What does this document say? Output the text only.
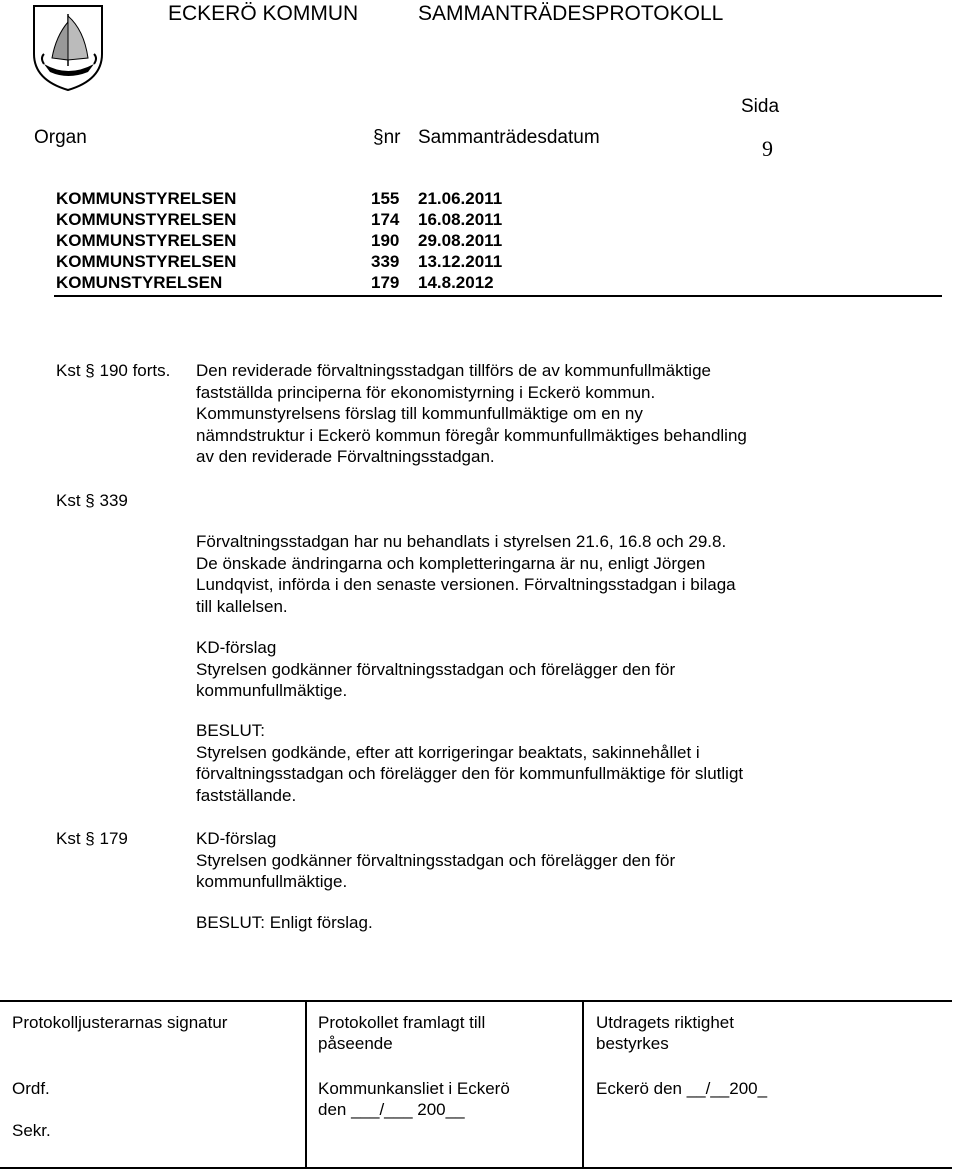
ECKERÖ KOMMUN	SAMMANTRÄDESPROTOKOLL
Sida
Organ	§nr Sammanträdesdatum	9
KOMMUNSTYRELSEN	155 21.06.2011
KOMMUNSTYRELSEN	174 16.08.2011
KOMMUNSTYRELSEN	190 29.08.2011
KOMMUNSTYRELSEN	339 13.12.2011
KOMUNSTYRELSEN	179 14.8.2012
Kst § 190 forts. Den reviderade förvaltningsstadgan tillförs de av kommunfullmäktige
fastställda principerna för ekonomistyrning i Eckerö kommun.
Kommunstyrelsens förslag till kommunfullmäktige om en ny
nämndstruktur i Eckerö kommun föregår kommunfullmäktiges behandling
av den reviderade Förvaltningsstadgan.
Kst § 339
Förvaltningsstadgan har nu behandlats i styrelsen 21.6, 16.8 och 29.8.
De önskade ändringarna och kompletteringarna är nu, enligt Jörgen
Lundqvist, införda i den senaste versionen. Förvaltningsstadgan i bilaga
till kallelsen.
KD-förslag
Styrelsen godkänner förvaltningsstadgan och förelägger den för
kommunfullmäktige.
BESLUT:
Styrelsen godkände, efter att korrigeringar beaktats, sakinnehållet i
förvaltningsstadgan och förelägger den för kommunfullmäktige för slutligt
fastställande.
Kst § 179	KD-förslag
Styrelsen godkänner förvaltningsstadgan och förelägger den för
kommunfullmäktige.
BESLUT: Enligt förslag.
Protokolljusterarnas signatur
Ordf.
Sekr.
Protokollet framlagt till
påseende
Kommunkansliet i Eckerö
den ___/___ 200__
Utdragets riktighet
bestyrkes
Eckerö den __/__200_
